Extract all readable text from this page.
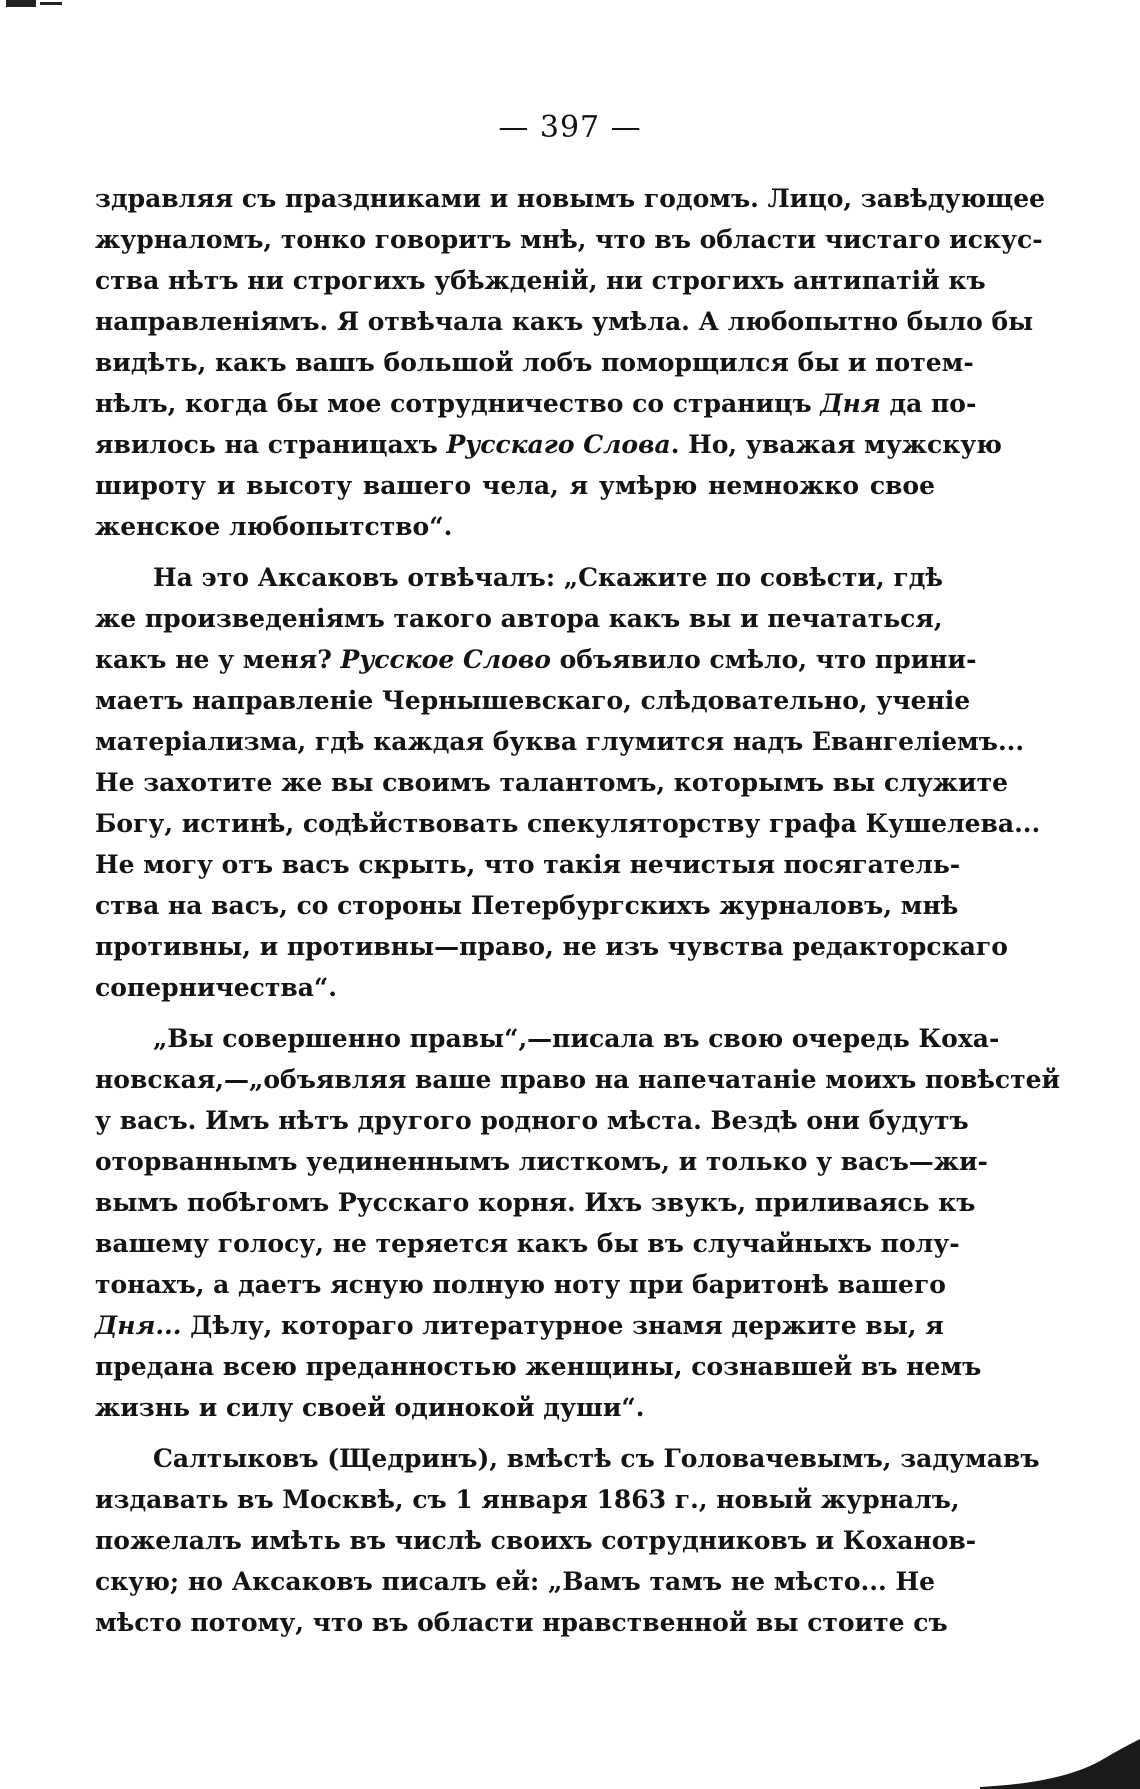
— 397 —
здравляя съ праздниками и новымъ годомъ. Лицо, завѣдующее
журналомъ, тонко говоритъ мнѣ, что въ области чистаго искус-
ства нѣтъ ни строгихъ убѣжденій, ни строгихъ антипатій къ
направленіямъ. Я отвѣчала какъ умѣла. А любопытно было бы
видѣть, какъ вашъ большой лобъ поморщился бы и потем-
нѣлъ, когда бы мое сотрудничество со страницъ Дня да по-
явилось на страницахъ Русскаго Слова. Но, уважая мужскую
широту и высоту вашего чела, я умѣрю немножко свое
женское любопытство“.
На это Аксаковъ отвѣчалъ: „Скажите по совѣсти, гдѣ
же произведеніямъ такого автора какъ вы и печататься,
какъ не у меня? Русское Слово объявило смѣло, что прини-
маетъ направленіе Чернышевскаго, слѣдовательно, ученіе
матеріализма, гдѣ каждая буква глумится надъ Евангеліемъ...
Не захотите же вы своимъ талантомъ, которымъ вы служите
Богу, истинѣ, содѣйствовать спекуляторству графа Кушелева...
Не могу отъ васъ скрыть, что такія нечистыя посягатель-
ства на васъ, со стороны Петербургскихъ журналовъ, мнѣ
противны, и противны—право, не изъ чувства редакторскаго
соперничества“.
„Вы совершенно правы“,—писала въ свою очередь Коха-
новская,—„объявляя ваше право на напечатаніе моихъ повѣстей
у васъ. Имъ нѣтъ другого родного мѣста. Вездѣ они будутъ
оторваннымъ уединеннымъ листкомъ, и только у васъ—жи-
вымъ побѣгомъ Русскаго корня. Ихъ звукъ, приливаясь къ
вашему голосу, не теряется какъ бы въ случайныхъ полу-
тонахъ, а даетъ ясную полную ноту при баритонѣ вашего
Дня... Дѣлу, котораго литературное знамя держите вы, я
предана всею преданностью женщины, сознавшей въ немъ
жизнь и силу своей одинокой души“.
Салтыковъ (Щедринъ), вмѣстѣ съ Головачевымъ, задумавъ
издавать въ Москвѣ, съ 1 января 1863 г., новый журналъ,
пожелалъ имѣть въ числѣ своихъ сотрудниковъ и Коханов-
скую; но Аксаковъ писалъ ей: „Вамъ тамъ не мѣсто... Не
мѣсто потому, что въ области нравственной вы стоите съ
